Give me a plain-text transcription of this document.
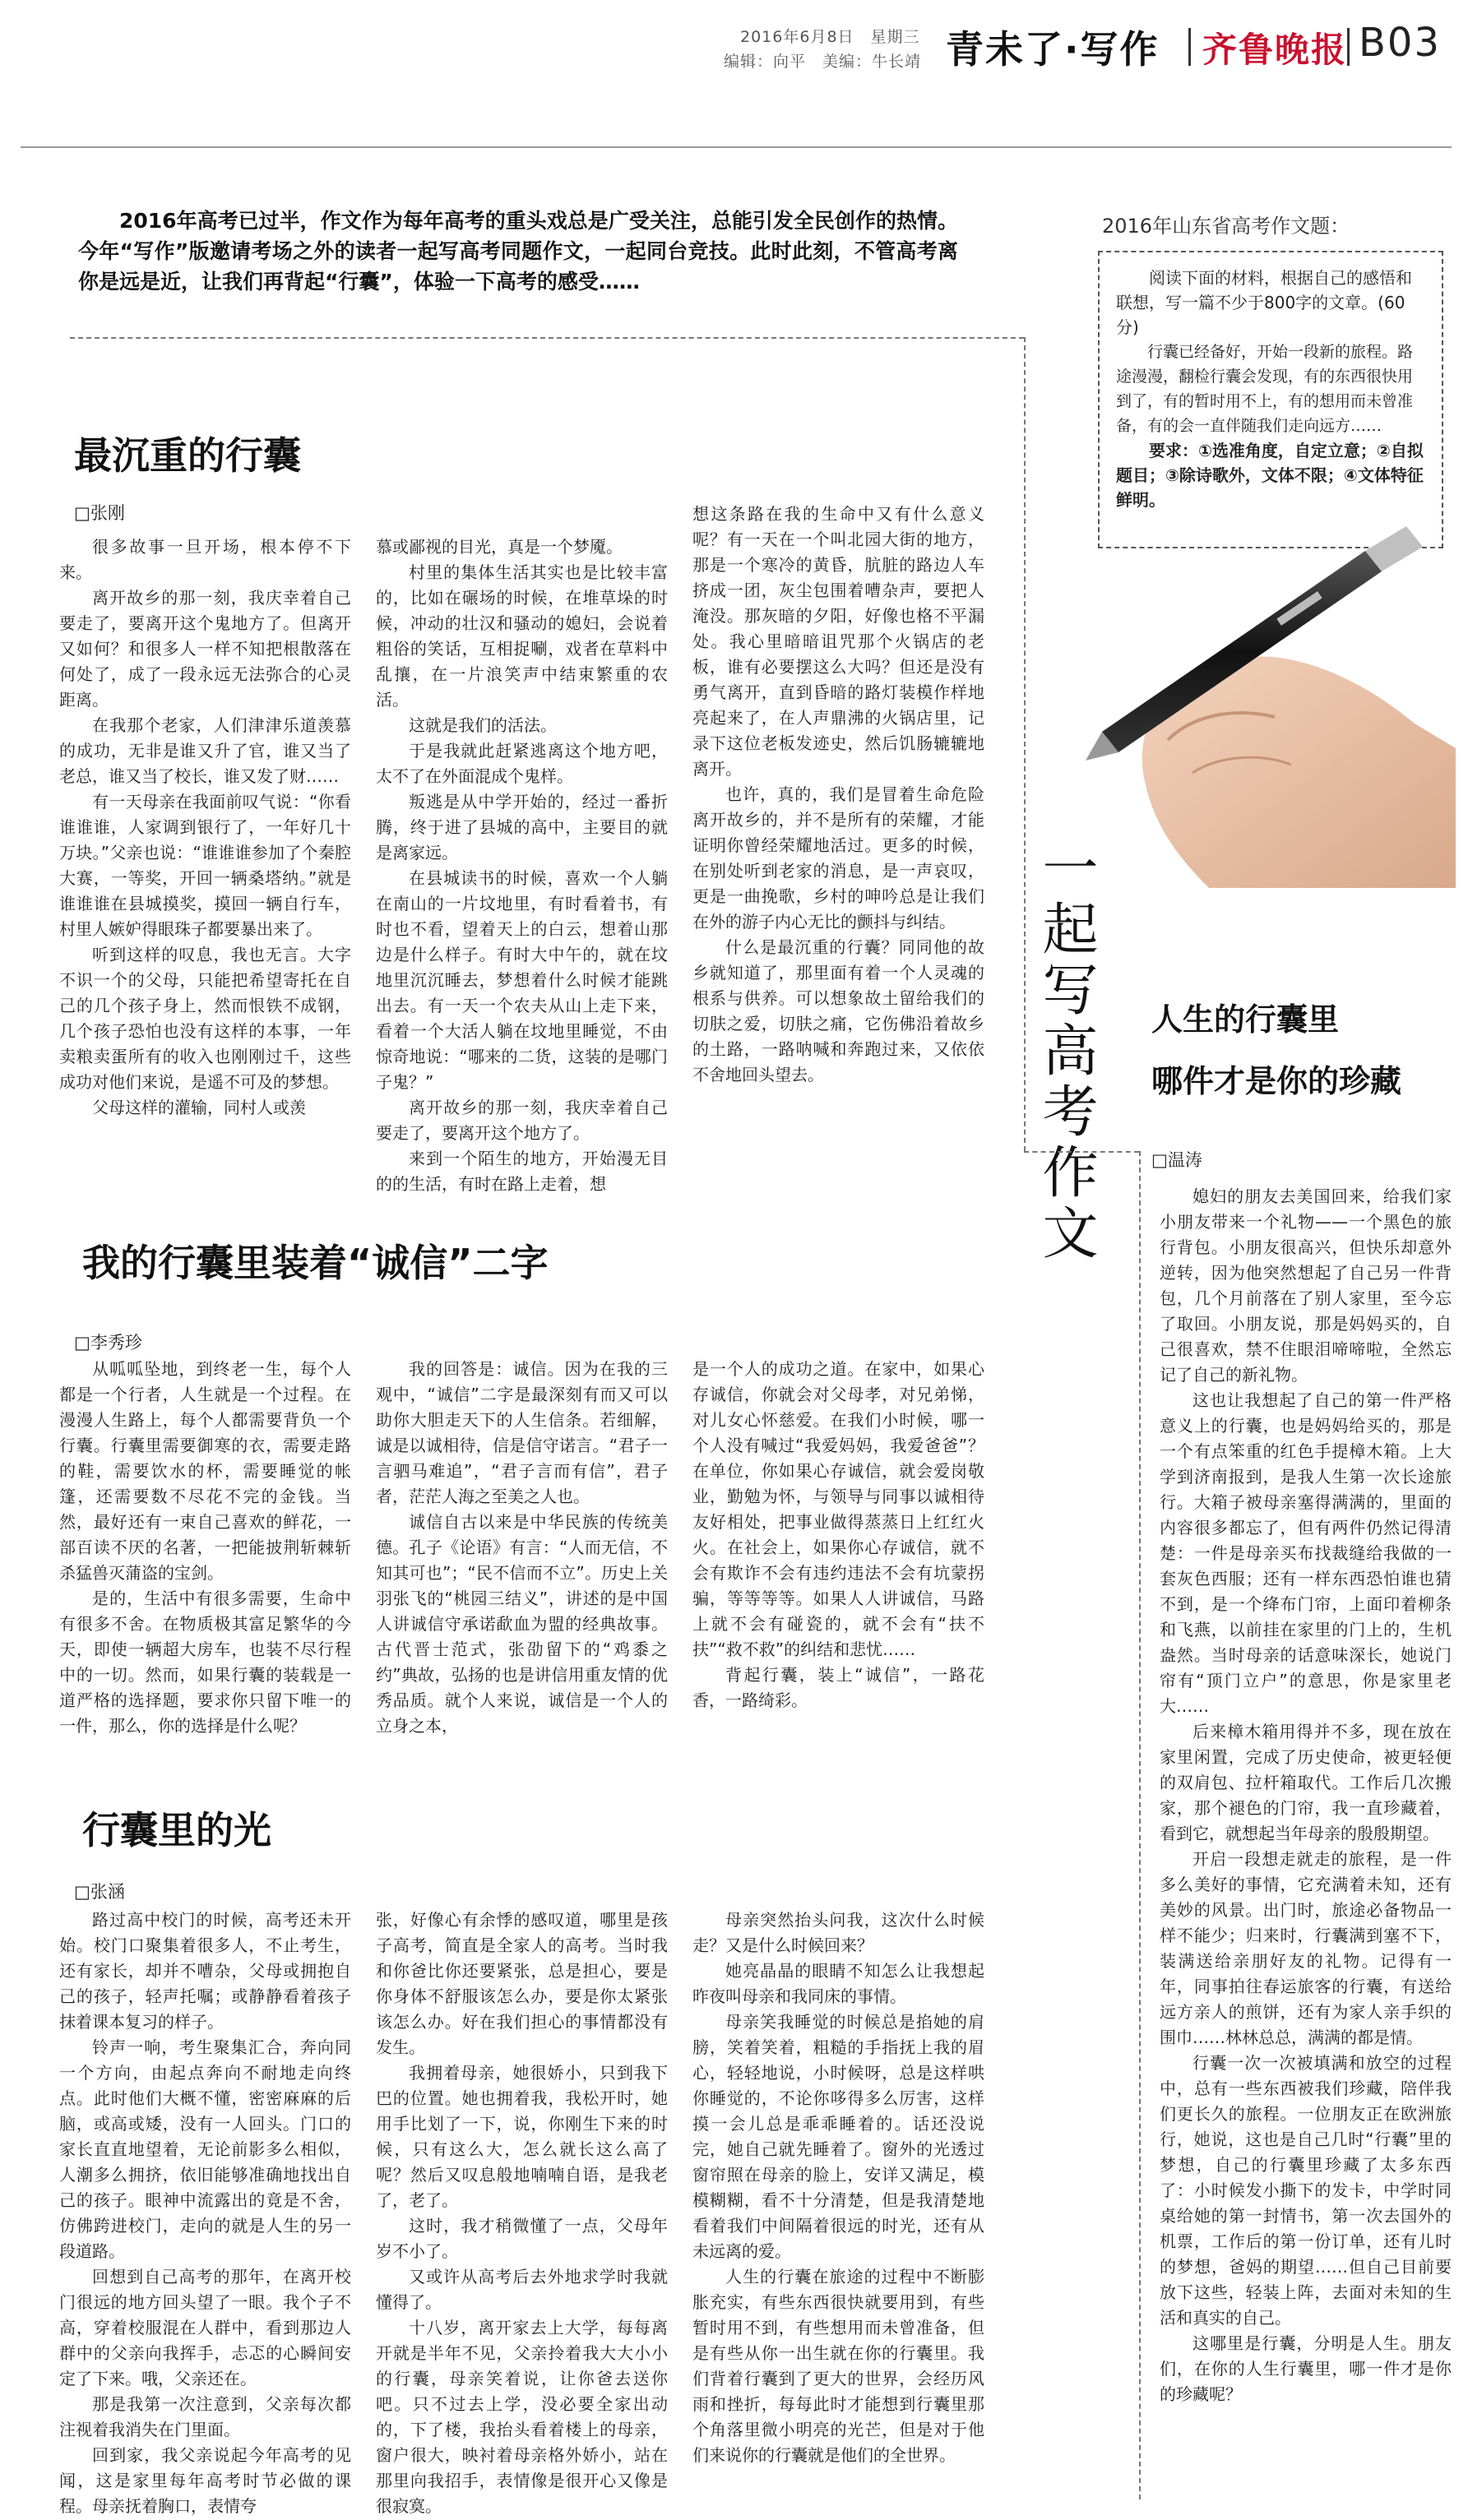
2016年6月8日　星期三
编辑：向平　美编：牛长靖 青未了·写作 齐鲁晚报 B03
2016年高考已过半，作文作为每年高考的重头戏总是广受关注，总能引发全民创作的热情。今年“写作”版邀请考场之外的读者一起写高考同题作文，一起同台竞技。此时此刻，不管高考离你是远是近，让我们再背起“行囊”，体验一下高考的感受……
2016年山东省高考作文题：

阅读下面的材料，根据自己的感悟和联想，写一篇不少于800字的文章。(60分)

行囊已经备好，开始一段新的旅程。路途漫漫，翻检行囊会发现，有的东西很快用到了，有的暂时用不上，有的想用而未曾准备，有的会一直伴随我们走向远方……
要求：①选准角度，自定立意；②自拟题目；③除诗歌外，文体不限；④文体特征鲜明。
一起写高考作文
最沉重的行囊
□张刚

很多故事一旦开场，根本停不下来。

离开故乡的那一刻，我庆幸着自己要走了，要离开这个鬼地方了。但离开又如何？和很多人一样不知把根散落在何处了，成了一段永远无法弥合的心灵距离。

在我那个老家，人们津津乐道羡慕的成功，无非是谁又升了官，谁又当了老总，谁又当了校长，谁又发了财……

有一天母亲在我面前叹气说：“你看谁谁谁，人家调到银行了，一年好几十万块。”父亲也说：“谁谁谁参加了个秦腔大赛，一等奖，开回一辆桑塔纳。”就是谁谁谁在县城摸奖，摸回一辆自行车，村里人嫉妒得眼珠子都要暴出来了。

听到这样的叹息，我也无言。大字不识一个的父母，只能把希望寄托在自己的几个孩子身上，然而恨铁不成钢，几个孩子恐怕也没有这样的本事，一年卖粮卖蛋所有的收入也刚刚过千，这些成功对他们来说，是遥不可及的梦想。

父母这样的灌输，同村人或羡

慕或鄙视的目光，真是一个梦魇。

村里的集体生活其实也是比较丰富的，比如在碾场的时候，在堆草垛的时候，冲动的壮汉和骚动的媳妇，会说着粗俗的笑话，互相捉唰，戏者在草料中乱攘，在一片浪笑声中结束繁重的农活。

这就是我们的活法。

于是我就此赶紧逃离这个地方吧，太不了在外面混成个鬼样。

叛逃是从中学开始的，经过一番折腾，终于进了县城的高中，主要目的就是离家远。

在县城读书的时候，喜欢一个人躺在南山的一片坟地里，有时看着书，有时也不看，望着天上的白云，想着山那边是什么样子。有时大中午的，就在坟地里沉沉睡去，梦想着什么时候才能跳出去。有一天一个农夫从山上走下来，看着一个大活人躺在坟地里睡觉，不由惊奇地说：“哪来的二货，这装的是哪门子鬼？”

离开故乡的那一刻，我庆幸着自己要走了，要离开这个地方了。

来到一个陌生的地方，开始漫无目的的生活，有时在路上走着，想

想这条路在我的生命中又有什么意义呢？有一天在一个叫北园大街的地方，那是一个寒冷的黄昏，肮脏的路边人车挤成一团，灰尘包围着嘈杂声，要把人淹没。那灰暗的夕阳，好像也格不平漏处。我心里暗暗诅咒那个火锅店的老板，谁有必要摆这么大吗？但还是没有勇气离开，直到昏暗的路灯装模作样地亮起来了，在人声鼎沸的火锅店里，记录下这位老板发迹史，然后饥肠辘辘地离开。

也许，真的，我们是冒着生命危险离开故乡的，并不是所有的荣耀，才能证明你曾经荣耀地活过。更多的时候，在别处听到老家的消息，是一声哀叹，更是一曲挽歌，乡村的呻吟总是让我们在外的游子内心无比的颤抖与纠结。

什么是最沉重的行囊？同同他的故乡就知道了，那里面有着一个人灵魂的根系与供养。可以想象故土留给我们的切肤之爱，切肤之痛，它伤佛沿着故乡的土路，一路呐喊和奔跑过来，又依依不舍地回头望去。

我的行囊里装着“诚信”二字
□李秀珍

从呱呱坠地，到终老一生，每个人都是一个行者，人生就是一个过程。在漫漫人生路上，每个人都需要背负一个行囊。行囊里需要御寒的衣，需要走路的鞋，需要饮水的杯，需要睡觉的帐篷，还需要数不尽花不完的金钱。当然，最好还有一束自己喜欢的鲜花，一部百读不厌的名著，一把能披荆斩棘斩杀猛兽灭蒲盗的宝剑。

是的，生活中有很多需要，生命中有很多不舍。在物质极其富足繁华的今天，即使一辆超大房车，也装不尽行程中的一切。然而，如果行囊的装载是一道严格的选择题，要求你只留下唯一的一件，那么，你的选择是什么呢？

我的回答是：诚信。因为在我的三观中，“诚信”二字是最深刻有而又可以助你大胆走天下的人生信条。若细解，诚是以诚相待，信是信守诺言。“君子一言驷马难追”，“君子言而有信”，君子者，茫茫人海之至美之人也。

诚信自古以来是中华民族的传统美德。孔子《论语》有言：“人而无信，不知其可也”；“民不信而不立”。历史上关羽张飞的“桃园三结义”，讲述的是中国人讲诚信守承诺歃血为盟的经典故事。古代晋士范式，张劭留下的“鸡黍之约”典故，弘扬的也是讲信用重友情的优秀品质。就个人来说，诚信是一个人的立身之本，

是一个人的成功之道。在家中，如果心存诚信，你就会对父母孝，对兄弟悌，对儿女心怀慈爱。在我们小时候，哪一个人没有喊过“我爱妈妈，我爱爸爸”？在单位，你如果心存诚信，就会爱岗敬业，勤勉为怀，与领导与同事以诚相待友好相处，把事业做得蒸蒸日上红红火火。在社会上，如果你心存诚信，就不会有欺诈不会有违约违法不会有坑蒙拐骗，等等等等。如果人人讲诚信，马路上就不会有碰瓷的，就不会有“扶不扶”“救不救”的纠结和悲忧……

背起行囊，装上“诚信”，一路花香，一路绮彩。

行囊里的光
□张涵

路过高中校门的时候，高考还未开始。校门口聚集着很多人，不止考生，还有家长，却并不嘈杂，父母或拥抱自己的孩子，轻声托嘱；或静静看着孩子抹着课本复习的样子。

铃声一响，考生聚集汇合，奔向同一个方向，由起点奔向不耐地走向终点。此时他们大概不懂，密密麻麻的后脑，或高或矮，没有一人回头。门口的家长直直地望着，无论前影多么相似，人潮多么拥挤，依旧能够准确地找出自己的孩子。眼神中流露出的竟是不舍，仿佛跨进校门，走向的就是人生的另一段道路。

回想到自己高考的那年，在离开校门很远的地方回头望了一眼。我个子不高，穿着校服混在人群中，看到那边人群中的父亲向我挥手，忐忑的心瞬间安定了下来。哦，父亲还在。

那是我第一次注意到，父亲每次都注视着我消失在门里面。

回到家，我父亲说起今年高考的见闻，这是家里每年高考时节必做的课程。母亲抚着胸口，表情夸

张，好像心有余悸的感叹道，哪里是孩子高考，简直是全家人的高考。当时我和你爸比你还要紧张，总是担心，要是你身体不舒服该怎么办，要是你太紧张该怎么办。好在我们担心的事情都没有发生。

我拥着母亲，她很娇小，只到我下巴的位置。她也拥着我，我松开时，她用手比划了一下，说，你刚生下来的时候，只有这么大，怎么就长这么高了呢？然后又叹息般地喃喃自语，是我老了，老了。

这时，我才稍微懂了一点，父母年岁不小了。

又或许从高考后去外地求学时我就懂得了。

十八岁，离开家去上大学，每每离开就是半年不见，父亲拎着我大大小小的行囊，母亲笑着说，让你爸去送你吧。只不过去上学，没必要全家出动的，下了楼，我抬头看着楼上的母亲，窗户很大，映衬着母亲格外娇小，站在那里向我招手，表情像是很开心又像是很寂寞。

母亲突然抬头问我，这次什么时候走？又是什么时候回来？

她亮晶晶的眼睛不知怎么让我想起昨夜叫母亲和我同床的事情。

母亲笑我睡觉的时候总是掐她的肩膀，笑着笑着，粗糙的手指抚上我的眉心，轻轻地说，小时候呀，总是这样哄你睡觉的，不论你哆得多么厉害，这样摸一会儿总是乖乖睡着的。话还没说完，她自己就先睡着了。窗外的光透过窗帘照在母亲的脸上，安详又满足，模模糊糊，看不十分清楚，但是我清楚地看着我们中间隔着很远的时光，还有从未远离的爱。

人生的行囊在旅途的过程中不断膨胀充实，有些东西很快就要用到，有些暂时用不到，有些想用而未曾准备，但是有些从你一出生就在你的行囊里。我们背着行囊到了更大的世界，会经历风雨和挫折，每每此时才能想到行囊里那个角落里微小明亮的光芒，但是对于他们来说你的行囊就是他们的全世界。

人生的行囊里
哪件才是你的珍藏
□温涛

媳妇的朋友去美国回来，给我们家小朋友带来一个礼物——一个黑色的旅行背包。小朋友很高兴，但快乐却意外逆转，因为他突然想起了自己另一件背包，几个月前落在了别人家里，至今忘了取回。小朋友说，那是妈妈买的，自己很喜欢，禁不住眼泪啼啼啦，全然忘记了自己的新礼物。

这也让我想起了自己的第一件严格意义上的行囊，也是妈妈给买的，那是一个有点笨重的红色手提樟木箱。上大学到济南报到，是我人生第一次长途旅行。大箱子被母亲塞得满满的，里面的内容很多都忘了，但有两件仍然记得清楚：一件是母亲买布找裁缝给我做的一套灰色西服；还有一样东西恐怕谁也猜不到，是一个绛布门帘，上面印着柳条和飞燕，以前挂在家里的门上的，生机盎然。当时母亲的话意味深长，她说门帘有“顶门立户”的意思，你是家里老大……

后来樟木箱用得并不多，现在放在家里闲置，完成了历史使命，被更轻便的双肩包、拉杆箱取代。工作后几次搬家，那个褪色的门帘，我一直珍藏着，看到它，就想起当年母亲的殷殷期望。

开启一段想走就走的旅程，是一件多么美好的事情，它充满着未知，还有美妙的风景。出门时，旅途必备物品一样不能少；归来时，行囊满到塞不下，装满送给亲朋好友的礼物。记得有一年，同事拍往春运旅客的行囊，有送给远方亲人的煎饼，还有为家人亲手织的围巾……林林总总，满满的都是情。

行囊一次一次被填满和放空的过程中，总有一些东西被我们珍藏，陪伴我们更长久的旅程。一位朋友正在欧洲旅行，她说，这也是自己几时“行囊”里的梦想，自己的行囊里珍藏了太多东西了：小时候发小撕下的发卡，中学时同桌给她的第一封情书，第一次去国外的机票，工作后的第一份订单，还有儿时的梦想，爸妈的期望……但自己目前要放下这些，轻装上阵，去面对未知的生活和真实的自己。

这哪里是行囊，分明是人生。朋友们，在你的人生行囊里，哪一件才是你的珍藏呢？
